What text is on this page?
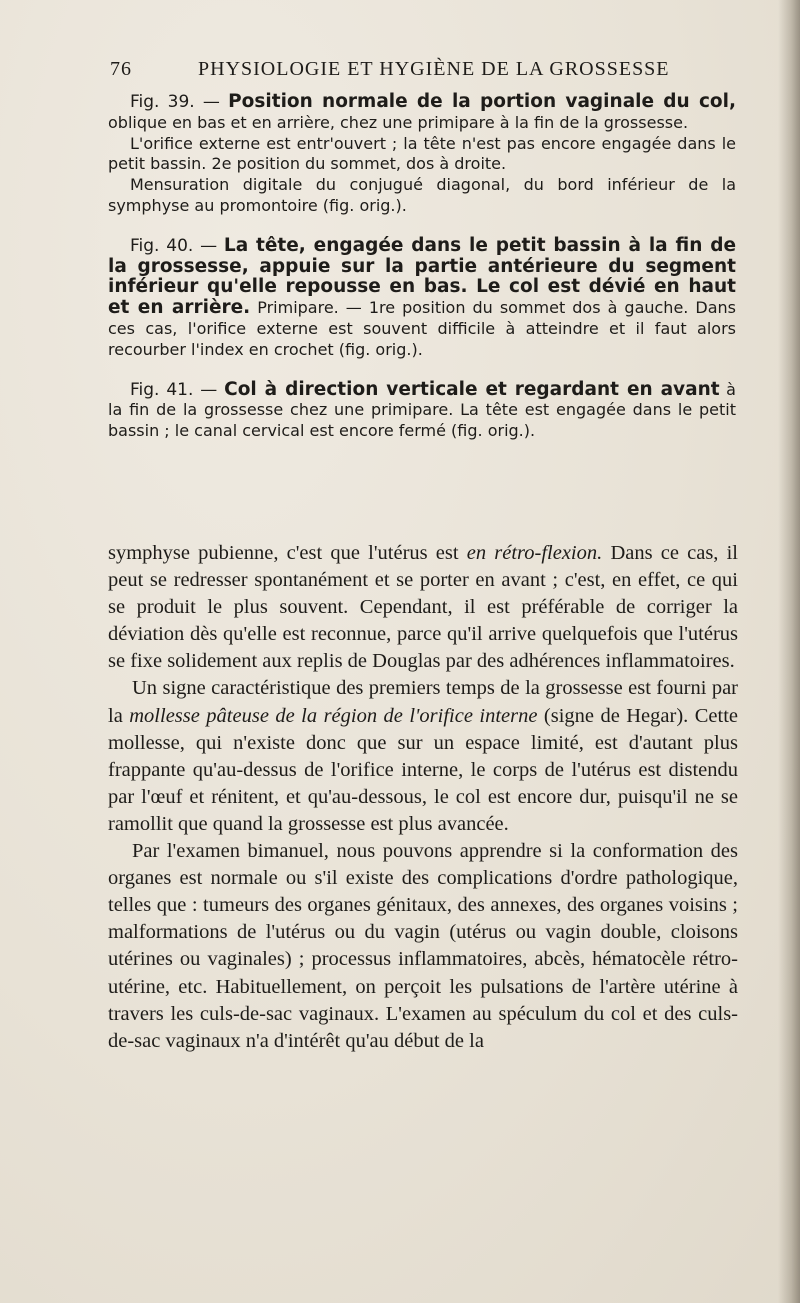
76	PHYSIOLOGIE ET HYGIÈNE DE LA GROSSESSE

Fig. 39. — Position normale de la portion vaginale du col, oblique en bas et en arrière, chez une primipare à la fin de la grossesse.

L'orifice externe est entr'ouvert ; la tête n'est pas encore engagée dans le petit bassin. 2e position du sommet, dos à droite.

Mensuration digitale du conjugué diagonal, du bord inférieur de la symphyse au promontoire (fig. orig.).

Fig. 40. — La tête, engagée dans le petit bassin à la fin de la grossesse, appuie sur la partie antérieure du segment inférieur qu'elle repousse en bas. Le col est dévié en haut et en arrière. Primipare. — 1re position du sommet dos à gauche. Dans ces cas, l'orifice externe est souvent difficile à atteindre et il faut alors recourber l'index en crochet (fig. orig.).

Fig. 41. — Col à direction verticale et regardant en avant à la fin de la grossesse chez une primipare. La tête est engagée dans le petit bassin ; le canal cervical est encore fermé (fig. orig.).

symphyse pubienne, c'est que l'utérus est en rétro-flexion. Dans ce cas, il peut se redresser spontanément et se porter en avant ; c'est, en effet, ce qui se produit le plus souvent. Cependant, il est préférable de corriger la déviation dès qu'elle est reconnue, parce qu'il arrive quelquefois que l'utérus se fixe solidement aux replis de Douglas par des adhérences inflammatoires.

Un signe caractéristique des premiers temps de la grossesse est fourni par la mollesse pâteuse de la région de l'orifice interne (signe de Hegar). Cette mollesse, qui n'existe donc que sur un espace limité, est d'autant plus frappante qu'au-dessus de l'orifice interne, le corps de l'utérus est distendu par l'œuf et rénitent, et qu'au-dessous, le col est encore dur, puisqu'il ne se ramollit que quand la grossesse est plus avancée.

Par l'examen bimanuel, nous pouvons apprendre si la conformation des organes est normale ou s'il existe des complications d'ordre pathologique, telles que : tumeurs des organes génitaux, des annexes, des organes voisins ; malformations de l'utérus ou du vagin (utérus ou vagin double, cloisons utérines ou vaginales) ; processus inflammatoires, abcès, hématocèle rétro-utérine, etc. Habituellement, on perçoit les pulsations de l'artère utérine à travers les culs-de-sac vaginaux. L'examen au spéculum du col et des culs-de-sac vaginaux n'a d'intérêt qu'au début de la
